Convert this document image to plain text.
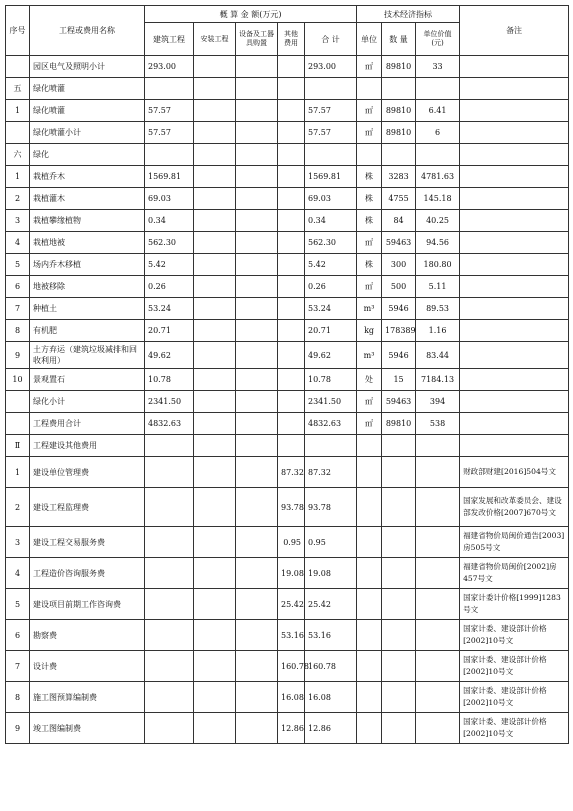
序号	工程或费用名称	概 算 金 额(万元)					技术经济指标			备注
		建筑工程	安装工程	设备及工器具购置	其他费用	合 计	单位	数 量	单位价值(元)	
	园区电气及照明小计	293.00				293.00	㎡	89810	33	
五	绿化喷灌									
1	绿化喷灌	57.57				57.57	㎡	89810	6.41	
	绿化喷灌小计	57.57				57.57	㎡	89810	6	
六	绿化									
1	栽植乔木	1569.81				1569.81	株	3283	4781.63	
2	栽植灌木	69.03				69.03	株	4755	145.18	
3	栽植攀缘植物	0.34				0.34	株	84	40.25	
4	栽植地被	562.30				562.30	㎡	59463	94.56	
5	场内乔木移植	5.42				5.42	株	300	180.80	
6	地被移除	0.26				0.26	㎡	500	5.11	
7	种植土	53.24				53.24	m³	5946	89.53	
8	有机肥	20.71				20.71	kg	178389	1.16	
9	土方弃运（建筑垃圾减排和回收利用）	49.62				49.62	m³	5946	83.44	
10	景观置石	10.78				10.78	处	15	7184.13	
	绿化小计	2341.50				2341.50	㎡	59463	394	
	工程费用合计	4832.63				4832.63	㎡	89810	538	
Ⅱ	工程建设其他费用									
1	建设单位管理费				87.32	87.32				财政部财建[2016]504号文
2	建设工程监理费				93.78	93.78				国家发展和改革委员会、建设部发改价格[2007]670号文
3	建设工程交易服务费				0.95	0.95				福建省物价局闽价通告[2003]房505号文
4	工程造价咨询服务费				19.08	19.08				福建省物价局闽价[2002]房457号文
5	建设项目前期工作咨询费				25.42	25.42				国家计委计价格[1999]1283号文
6	勘察费				53.16	53.16				国家计委、建设部计价格[2002]10号文
7	设计费				160.78	160.78				国家计委、建设部计价格[2002]10号文
8	施工图预算编制费				16.08	16.08				国家计委、建设部计价格[2002]10号文
9	竣工图编制费				12.86	12.86				国家计委、建设部计价格[2002]10号文
